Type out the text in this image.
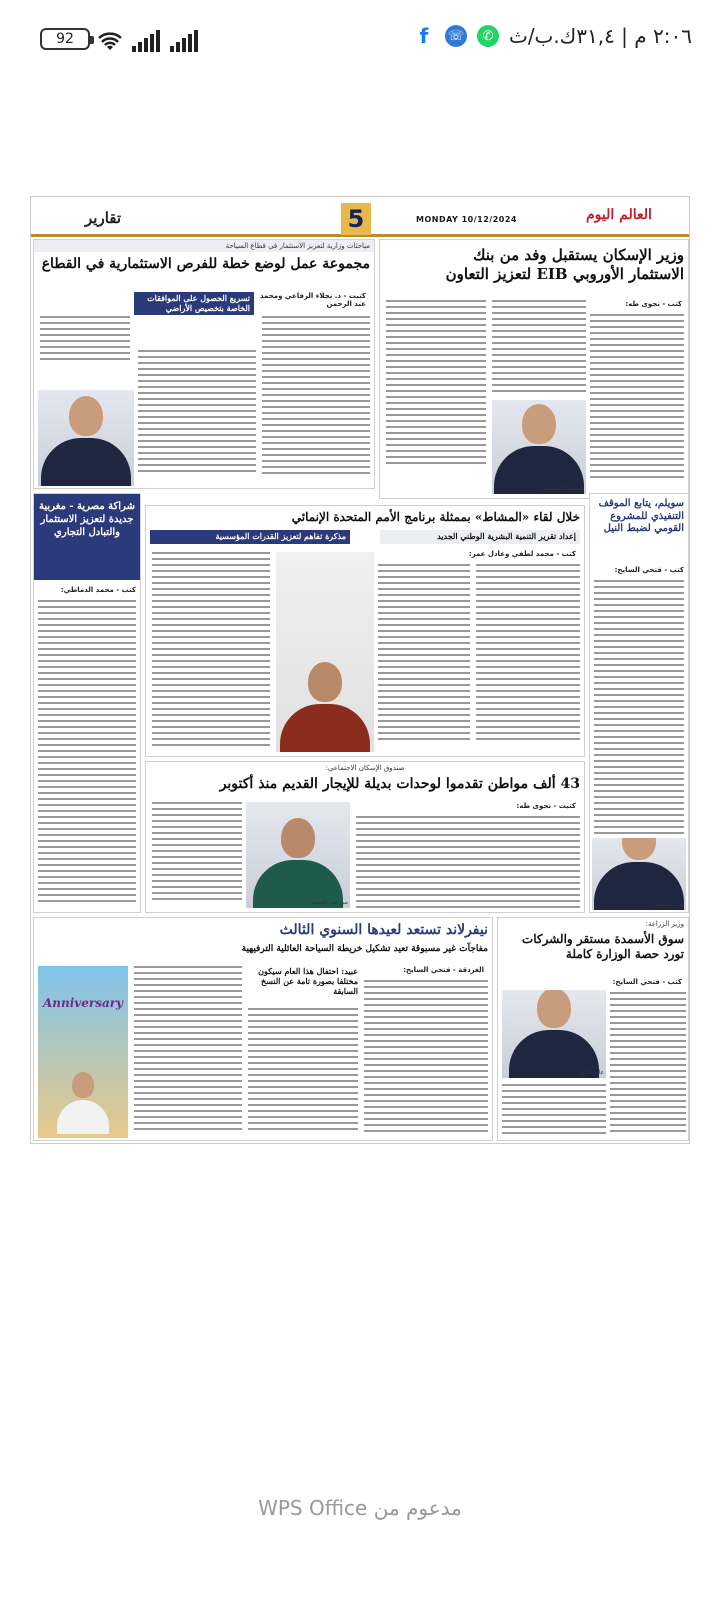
92	f	☏	✆ ٢:٠٦ م | ٣١,٤ك.ب/ث
تقارير	5	MONDAY 10/12/2024	العالم اليوم
مباحثات وزارية لتعزيز الاستثمار في قطاع السياحة
مجموعة عمل لوضع خطة للفرص الاستثمارية في القطاع
تسريع الحصول على الموافقات الخاصة بتخصيص الأراضي
كتبت - د. نجلاء الرفاعي ومحمد عبد الرحمن
وزير الإسكان يستقبل وفد من بنك
الاستثمار الأوروبي EIB لتعزيز التعاون
كتب - نجوى طه:
شريف الشربيني
شراكة مصرية - مغربية جديدة لتعزيز الاستثمار والتبادل التجاري
كتب - محمد الدماطي:
خلال لقاء «المشاط» بممثلة برنامج الأمم المتحدة الإنمائي
إعداد تقرير التنمية البشرية الوطني الجديد
مذكرة تفاهم لتعزيز القدرات المؤسسية
كتب - محمد لطفي وعادل عمر:
سويلم، يتابع الموقف التنفيذي للمشروع القومي لضبط النيل
كتب - فتحي السايح:
هاني سويلم
صندوق الإسكان الاجتماعي:
43 ألف مواطن تقدموا لوحدات بديلة للإيجار القديم منذ أكتوبر
كتبت - نجوى طه:
مي عبد الحميد
نيفرلاند تستعد لعيدها السنوي الثالث
مفاجآت غير مسبوقة تعيد تشكيل خريطة السياحة العائلية الترفيهية
الغردقة - فتحي السايح:
عبيد: احتفال هذا العام سيكون مختلفا بصورة تامة عن النسخ السابقة
Anniversary
وزير الزراعة:
سوق الأسمدة مستقر والشركات تورد حصة الوزارة كاملة
كتب - فتحي السايح:
علاء فاروق
مدعوم من WPS Office
